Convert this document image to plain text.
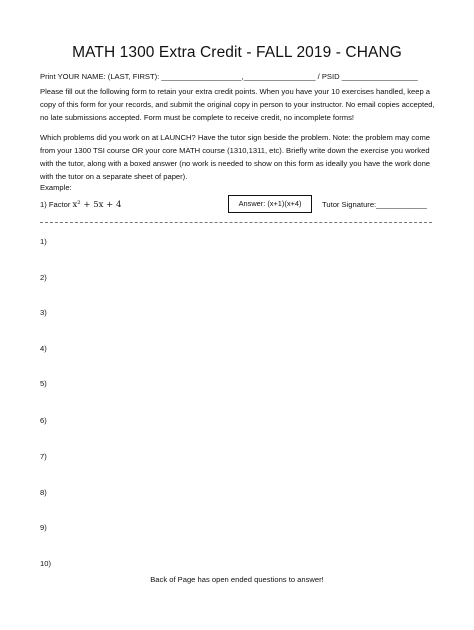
MATH 1300 Extra Credit - FALL 2019 - CHANG
Print YOUR NAME: (LAST, FIRST): ___________________,_________________ / PSID __________________
Please fill out the following form to retain your extra credit points. When you have your 10 exercises handled, keep a copy of this form for your records, and submit the original copy in person to your instructor. No email copies accepted, no late submissions accepted. Form must be complete to receive credit, no incomplete forms!
Which problems did you work on at LAUNCH? Have the tutor sign beside the problem. Note: the problem may come from your 1300 TSI course OR your core MATH course (1310,1311, etc). Briefly write down the exercise you worked with the tutor, along with a boxed answer (no work is needed to show on this form as ideally you have the work done with the tutor on a separate sheet of paper).
Example:
1) Factor x² + 5x + 4	Answer: (x+1)(x+4)	Tutor Signature:____________
1)
2)
3)
4)
5)
6)
7)
8)
9)
10)
Back of Page has open ended questions to answer!
